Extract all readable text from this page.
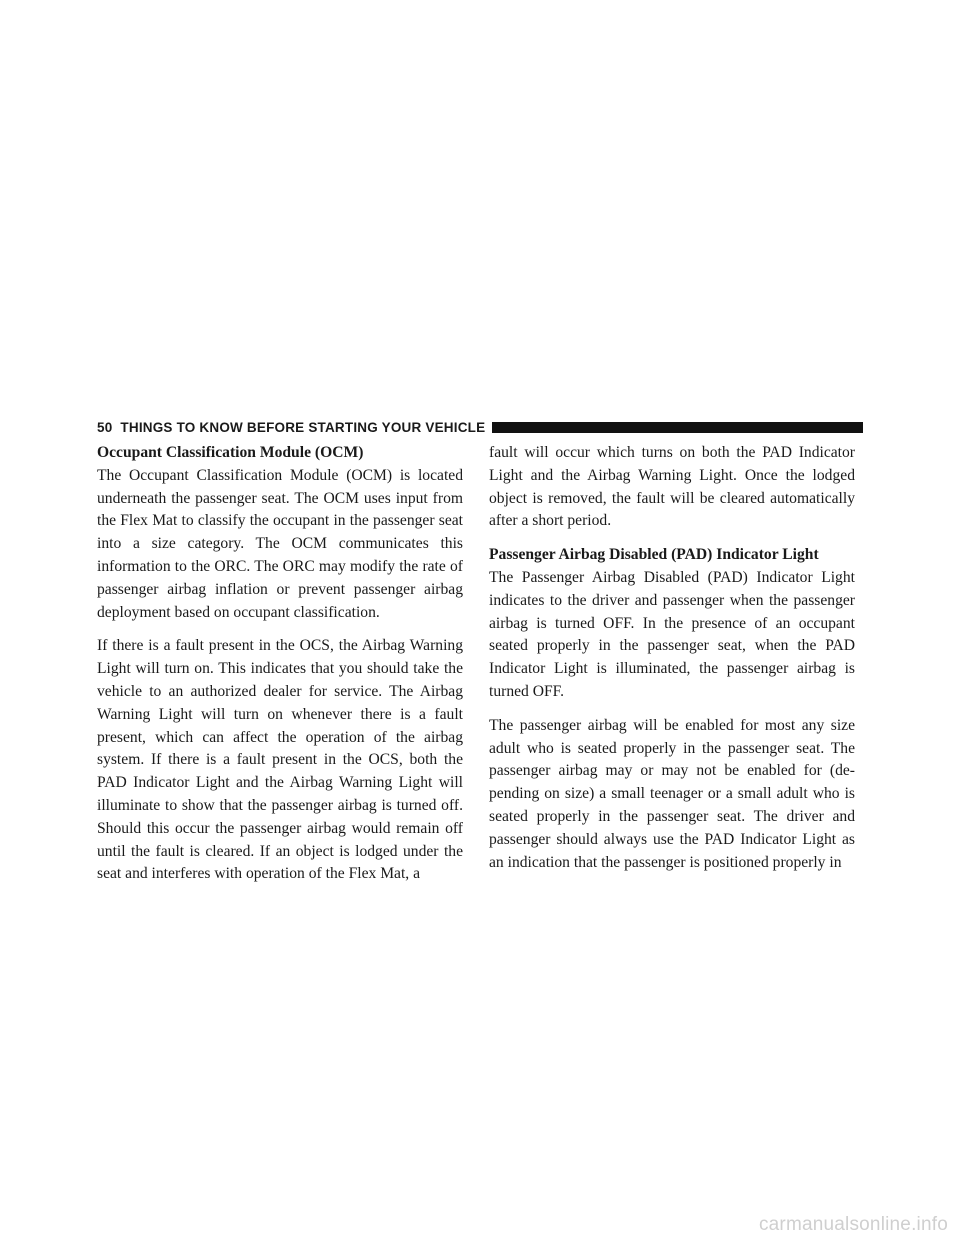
50 THINGS TO KNOW BEFORE STARTING YOUR VEHICLE
Occupant Classification Module (OCM)

The Occupant Classification Module (OCM) is located underneath the passenger seat. The OCM uses input from the Flex Mat to classify the occupant in the passenger seat into a size category. The OCM communicates this information to the ORC. The ORC may modify the rate of passenger airbag inflation or prevent passenger airbag deployment based on occupant classification.

If there is a fault present in the OCS, the Airbag Warning Light will turn on. This indicates that you should take the vehicle to an authorized dealer for service. The Airbag Warning Light will turn on whenever there is a fault present, which can affect the operation of the airbag system. If there is a fault present in the OCS, both the PAD Indicator Light and the Airbag Warning Light will illuminate to show that the passenger airbag is turned off. Should this occur the passenger airbag would remain off until the fault is cleared. If an object is lodged under the seat and interferes with operation of the Flex Mat, a

fault will occur which turns on both the PAD Indicator Light and the Airbag Warning Light. Once the lodged object is removed, the fault will be cleared automatically after a short period.

Passenger Airbag Disabled (PAD) Indicator Light

The Passenger Airbag Disabled (PAD) Indicator Light indicates to the driver and passenger when the passenger airbag is turned OFF. In the presence of an occupant seated properly in the passenger seat, when the PAD Indicator Light is illuminated, the passenger airbag is turned OFF.

The passenger airbag will be enabled for most any size adult who is seated properly in the passenger seat. The passenger airbag may or may not be enabled for (depending on size) a small teenager or a small adult who is seated properly in the passenger seat. The driver and passenger should always use the PAD Indicator Light as an indication that the passenger is positioned properly in

carmanualsonline.info
